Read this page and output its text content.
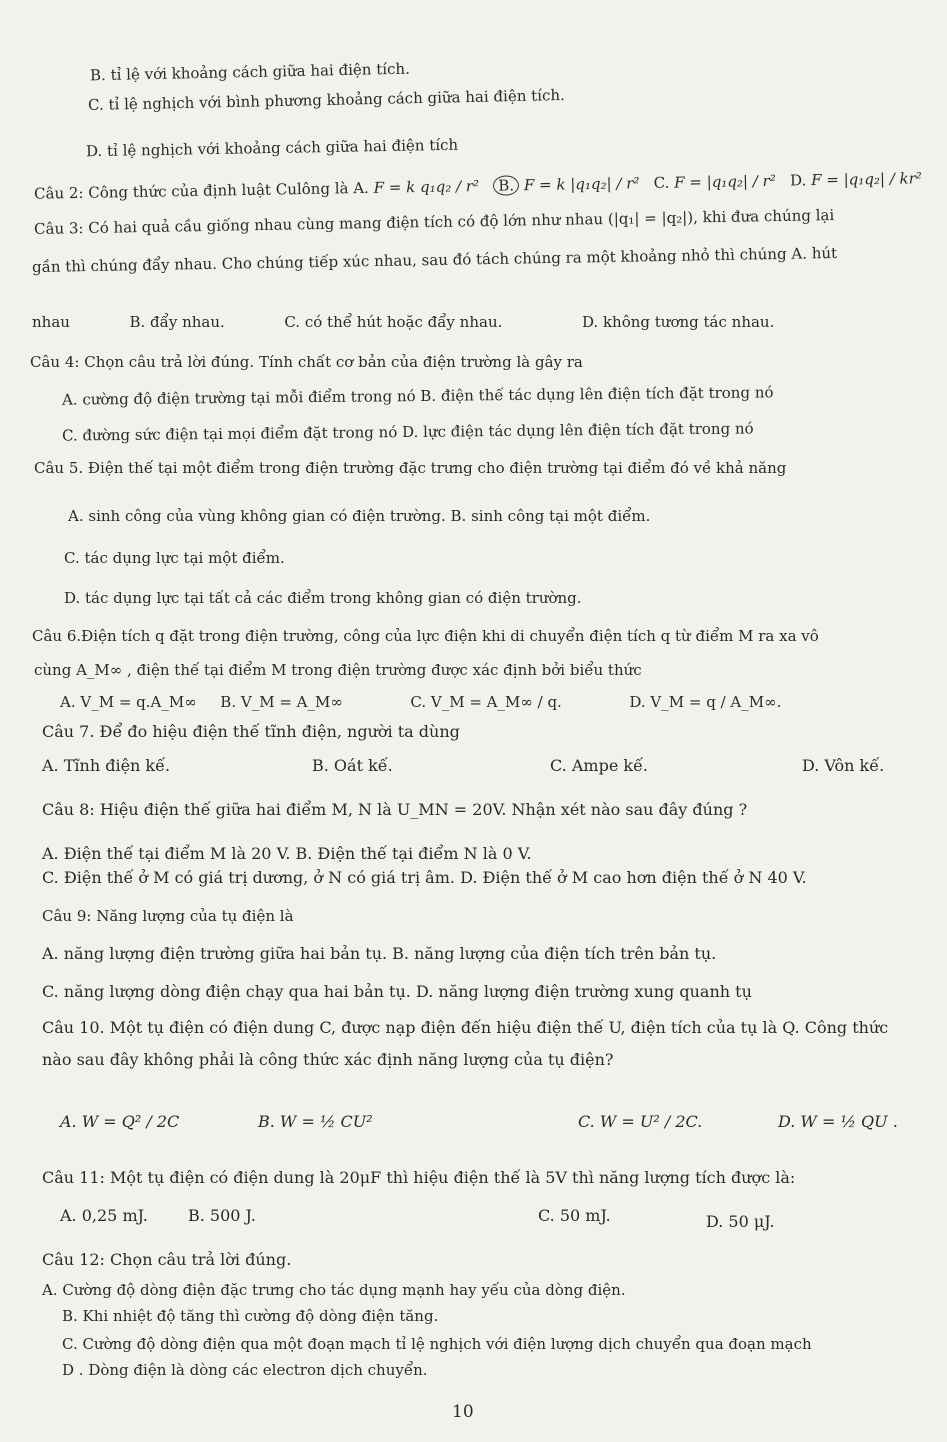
B. tỉ lệ với khoảng cách giữa hai điện tích.
C. tỉ lệ nghịch với bình phương khoảng cách giữa hai điện tích.
D. tỉ lệ nghịch với khoảng cách giữa hai điện tích
Câu 2: Công thức của định luật Culông là A. F = k q₁q₂ / r² B. F = k |q₁q₂| / r² C. F = |q₁q₂| / r² D. F = |q₁q₂| / kr²
Câu 3: Có hai quả cầu giống nhau cùng mang điện tích có độ lớn như nhau (|q₁| = |q₂|), khi đưa chúng lại
gần thì chúng đẩy nhau. Cho chúng tiếp xúc nhau, sau đó tách chúng ra một khoảng nhỏ thì chúng A. hút
nhau	B. đẩy nhau.	C. có thể hút hoặc đẩy nhau.	D. không tương tác nhau.
Câu 4: Chọn câu trả lời đúng. Tính chất cơ bản của điện trường là gây ra
A. cường độ điện trường tại mỗi điểm trong nó B. điện thế tác dụng lên điện tích đặt trong nó
C. đường sức điện tại mọi điểm đặt trong nó D. lực điện tác dụng lên điện tích đặt trong nó
Câu 5. Điện thế tại một điểm trong điện trường đặc trưng cho điện trường tại điểm đó về khả năng
A. sinh công của vùng không gian có điện trường. B. sinh công tại một điểm.
C. tác dụng lực tại một điểm.
D. tác dụng lực tại tất cả các điểm trong không gian có điện trường.
Câu 6.Điện tích q đặt trong điện trường, công của lực điện khi di chuyển điện tích q từ điểm M ra xa vô
cùng A_M∞ , điện thế tại điểm M trong điện trường được xác định bởi biểu thức
A. V_M = q.A_M∞ B. V_M = A_M∞	C. V_M = A_M∞ / q.	D. V_M = q / A_M∞.
Câu 7. Để đo hiệu điện thế tĩnh điện, người ta dùng
A. Tĩnh điện kế.	B. Oát kế.	C. Ampe kế.	D. Vôn kế.
Câu 8: Hiệu điện thế giữa hai điểm M, N là U_MN = 20V. Nhận xét nào sau đây đúng ?
A. Điện thế tại điểm M là 20 V. B. Điện thế tại điểm N là 0 V.
C. Điện thế ở M có giá trị dương, ở N có giá trị âm. D. Điện thế ở M cao hơn điện thế ở N 40 V.
Câu 9: Năng lượng của tụ điện là
A. năng lượng điện trường giữa hai bản tụ. B. năng lượng của điện tích trên bản tụ.
C. năng lượng dòng điện chạy qua hai bản tụ. D. năng lượng điện trường xung quanh tụ
Câu 10. Một tụ điện có điện dung C, được nạp điện đến hiệu điện thế U, điện tích của tụ là Q. Công thức
nào sau đây không phải là công thức xác định năng lượng của tụ điện?
A. W = Q² / 2C	B. W = ½ CU²	C. W = U² / 2C.	D. W = ½ QU .
Câu 11: Một tụ điện có điện dung là 20μF thì hiệu điện thế là 5V thì năng lượng tích được là:
A. 0,25 mJ.	B. 500 J.	C. 50 mJ.	D. 50 μJ.
Câu 12: Chọn câu trả lời đúng.
A. Cường độ dòng điện đặc trưng cho tác dụng mạnh hay yếu của dòng điện.
B. Khi nhiệt độ tăng thì cường độ dòng điện tăng.
C. Cường độ dòng điện qua một đoạn mạch tỉ lệ nghịch với điện lượng dịch chuyển qua đoạn mạch
D . Dòng điện là dòng các electron dịch chuyển.
10
